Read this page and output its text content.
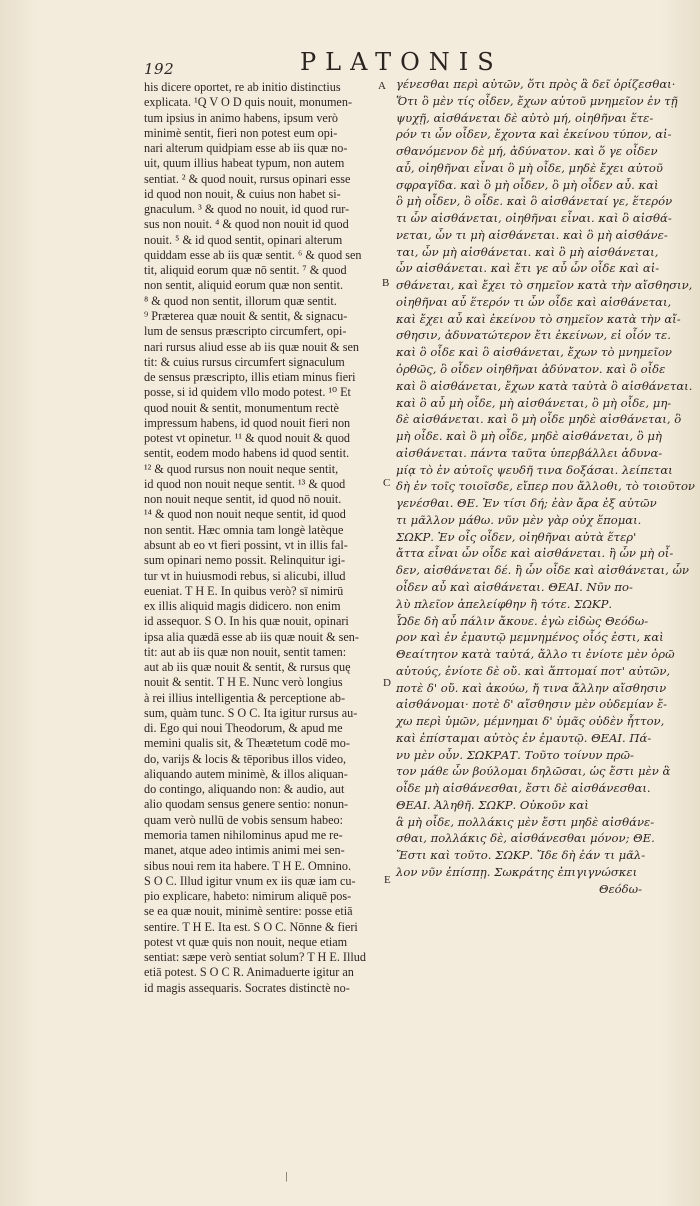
192	PLATONIS
his dicere oportet, re ab initio distinctius
explicata. ¹Q V O D quis nouit, monumen-
tum ipsius in animo habens, ipsum verò
minimè sentit, fieri non potest eum opi-
nari alterum quidpiam esse ab iis quæ no-
uit, quum illius habeat typum, non autem
sentiat. ² & quod nouit, rursus opinari esse
id quod non nouit, & cuius non habet si-
gnaculum. ³ & quod no nouit, id quod rur-
sus non nouit. ⁴ & quod non nouit id quod
nouit. ⁵ & id quod sentit, opinari alterum
quiddam esse ab iis quæ sentit. ⁶ & quod sen
tit, aliquid eorum quæ nō sentit. ⁷ & quod
non sentit, aliquid eorum quæ non sentit.
⁸ & quod non sentit, illorum quæ sentit.
⁹ Præterea quæ nouit & sentit, & signacu-
lum de sensus præscripto circumfert, opi-
nari rursus aliud esse ab iis quæ nouit & sen
tit: & cuius rursus circumfert signaculum
de sensus præscripto, illis etiam minus fieri
posse, si id quidem vllo modo potest. ¹⁰ Et
quod nouit & sentit, monumentum rectè
impressum habens, id quod nouit fieri non
potest vt opinetur. ¹¹ & quod nouit & quod
sentit, eodem modo habens id quod sentit.
¹² & quod rursus non nouit neque sentit,
id quod non nouit neque sentit. ¹³ & quod
non nouit neque sentit, id quod nō nouit.
¹⁴ & quod non nouit neque sentit, id quod
non sentit. Hæc omnia tam longè latèque
absunt ab eo vt fieri possint, vt in illis fal-
sum opinari nemo possit. Relinquitur igi-
tur vt in huiusmodi rebus, si alicubi, illud
eueniat. T H E. In quibus verò? sī nimirū
ex illis aliquid magis didicero. non enim
id assequor. S O. In his quæ nouit, opinari
ipsa alia quædā esse ab iis quæ nouit & sen-
tit: aut ab iis quæ non nouit, sentit tamen:
aut ab iis quæ nouit & sentit, & rursus quę
nouit & sentit. T H E. Nunc verò longius
à rei illius intelligentia & perceptione ab-
sum, quàm tunc. S O C. Ita igitur rursus au-
di. Ego qui noui Theodorum, & apud me
memini qualis sit, & Theætetum codē mo-
do, varijs & locis & tēporibus illos video,
aliquando autem minimè, & illos aliquan-
do contingo, aliquando non: & audio, aut
alio quodam sensus genere sentio: nonun-
quam verò nullū de vobis sensum habeo:
memoria tamen nihilominus apud me re-
manet, atque adeo intimis animi mei sen-
sibus noui rem ita habere. T H E. Omnino.
S O C. Illud igitur vnum ex iis quæ iam cu-
pio explicare, habeto: nimirum aliquē pos-
se ea quæ nouit, minimè sentire: posse etiā
sentire. T H E. Ita est. S O C. Nōnne & fieri
potest vt quæ quis non nouit, neque etiam
sentiat: sæpe verò sentiat solum? T H E. Illud
etiā potest. S O C R. Animaduerte igitur an
id magis assequaris. Socrates distinctè no-
γένεσθαι περὶ αὐτῶν, ὅτι πρὸς ἃ δεῖ ὁρίζεσθαι·
Ὅτι ὃ μὲν τίς οἶδεν, ἔχων αὐτοῦ μνημεῖον ἐν τῇ
ψυχῇ, αἰσθάνεται δὲ αὐτὸ μή, οἰηθῆναι ἕτε-
ρόν τι ὧν οἶδεν, ἔχοντα καὶ ἐκείνου τύπον, αἰ-
σθανόμενον δὲ μή, ἀδύνατον. καὶ ὅ γε οἶδεν
αὖ, οἰηθῆναι εἶναι ὃ μὴ οἶδε, μηδὲ ἔχει αὐτοῦ
σφραγῖδα. καὶ ὃ μὴ οἶδεν, ὃ μὴ οἶδεν αὖ. καὶ
ὃ μὴ οἶδεν, ὃ οἶδε. καὶ ὃ αἰσθάνεταί γε, ἕτερόν
τι ὧν αἰσθάνεται, οἰηθῆναι εἶναι. καὶ ὃ αἰσθά-
νεται, ὧν τι μὴ αἰσθάνεται. καὶ ὃ μὴ αἰσθάνε-
ται, ὧν μὴ αἰσθάνεται. καὶ ὃ μὴ αἰσθάνεται,
ὧν αἰσθάνεται. καὶ ἔτι γε αὖ ὧν οἶδε καὶ αἰ-
σθάνεται, καὶ ἔχει τὸ σημεῖον κατὰ τὴν αἴσθησιν,
οἰηθῆναι αὖ ἕτερόν τι ὧν οἶδε καὶ αἰσθάνεται,
καὶ ἔχει αὖ καὶ ἐκείνου τὸ σημεῖον κατὰ τὴν αἴ-
σθησιν, ἀδυνατώτερον ἔτι ἐκείνων, εἰ οἷόν τε.
καὶ ὃ οἶδε καὶ ὃ αἰσθάνεται, ἔχων τὸ μνημεῖον
ὀρθῶς, ὃ οἶδεν οἰηθῆναι ἀδύνατον. καὶ ὃ οἶδε
καὶ ὃ αἰσθάνεται, ἔχων κατὰ ταὐτὰ ὃ αἰσθάνεται.
καὶ ὃ αὖ μὴ οἶδε, μὴ αἰσθάνεται, ὃ μὴ οἶδε, μη-
δὲ αἰσθάνεται. καὶ ὃ μὴ οἶδε μηδὲ αἰσθάνεται, ὃ
μὴ οἶδε. καὶ ὃ μὴ οἶδε, μηδὲ αἰσθάνεται, ὃ μὴ
αἰσθάνεται. πάντα ταῦτα ὑπερβάλλει ἀδυνα-
μίᾳ τὸ ἐν αὐτοῖς ψευδῆ τινα δοξάσαι. λείπεται
δὴ ἐν τοῖς τοιοῖσδε, εἴπερ που ἄλλοθι, τὸ τοιοῦτον
γενέσθαι. ΘΕ. Ἐν τίσι δή; ἐὰν ἄρα ἐξ αὐτῶν
τι μᾶλλον μάθω. νῦν μὲν γὰρ οὐχ ἕπομαι.
ΣΩΚΡ. Ἐν οἷς οἶδεν, οἰηθῆναι αὐτὰ ἕτερ'
ἄττα εἶναι ὧν οἶδε καὶ αἰσθάνεται. ἢ ὧν μὴ οἶ-
δεν, αἰσθάνεται δέ. ἢ ὧν οἶδε καὶ αἰσθάνεται, ὧν
οἶδεν αὖ καὶ αἰσθάνεται. ΘΕΑΙ. Νῦν πο-
λὺ πλεῖον ἀπελείφθην ἢ τότε. ΣΩΚΡ.
Ὧδε δὴ αὖ πάλιν ἄκουε. ἐγὼ εἰδὼς Θεόδω-
ρον καὶ ἐν ἐμαυτῷ μεμνημένος οἷός ἐστι, καὶ
Θεαίτητον κατὰ ταὐτά, ἄλλο τι ἐνίοτε μὲν ὁρῶ
αὐτούς, ἐνίοτε δὲ οὔ. καὶ ἅπτομαί ποτ' αὐτῶν,
ποτὲ δ' οὔ. καὶ ἀκούω, ἤ τινα ἄλλην αἴσθησιν
αἰσθάνομαι· ποτὲ δ' αἴσθησιν μὲν οὐδεμίαν ἔ-
χω περὶ ὑμῶν, μέμνημαι δ' ὑμᾶς οὐδὲν ἧττον,
καὶ ἐπίσταμαι αὐτὸς ἐν ἐμαυτῷ. ΘΕΑΙ. Πά-
νυ μὲν οὖν. ΣΩΚΡΑΤ. Τοῦτο τοίνυν πρῶ-
τον μάθε ὧν βούλομαι δηλῶσαι, ὡς ἔστι μὲν ἃ
οἶδε μὴ αἰσθάνεσθαι, ἔστι δὲ αἰσθάνεσθαι.
ΘΕΑΙ. Ἀληθῆ. ΣΩΚΡ. Οὐκοῦν καὶ
ἃ μὴ οἶδε, πολλάκις μὲν ἔστι μηδὲ αἰσθάνε-
σθαι, πολλάκις δὲ, αἰσθάνεσθαι μόνον; ΘΕ.
Ἔστι καὶ τοῦτο. ΣΩΚΡ. Ἴδε δὴ ἐάν τι μᾶλ-
λον νῦν ἐπίσπῃ. Σωκράτης ἐπιγιγνώσκει
Θεόδω-
A
B
C
D
E
|
